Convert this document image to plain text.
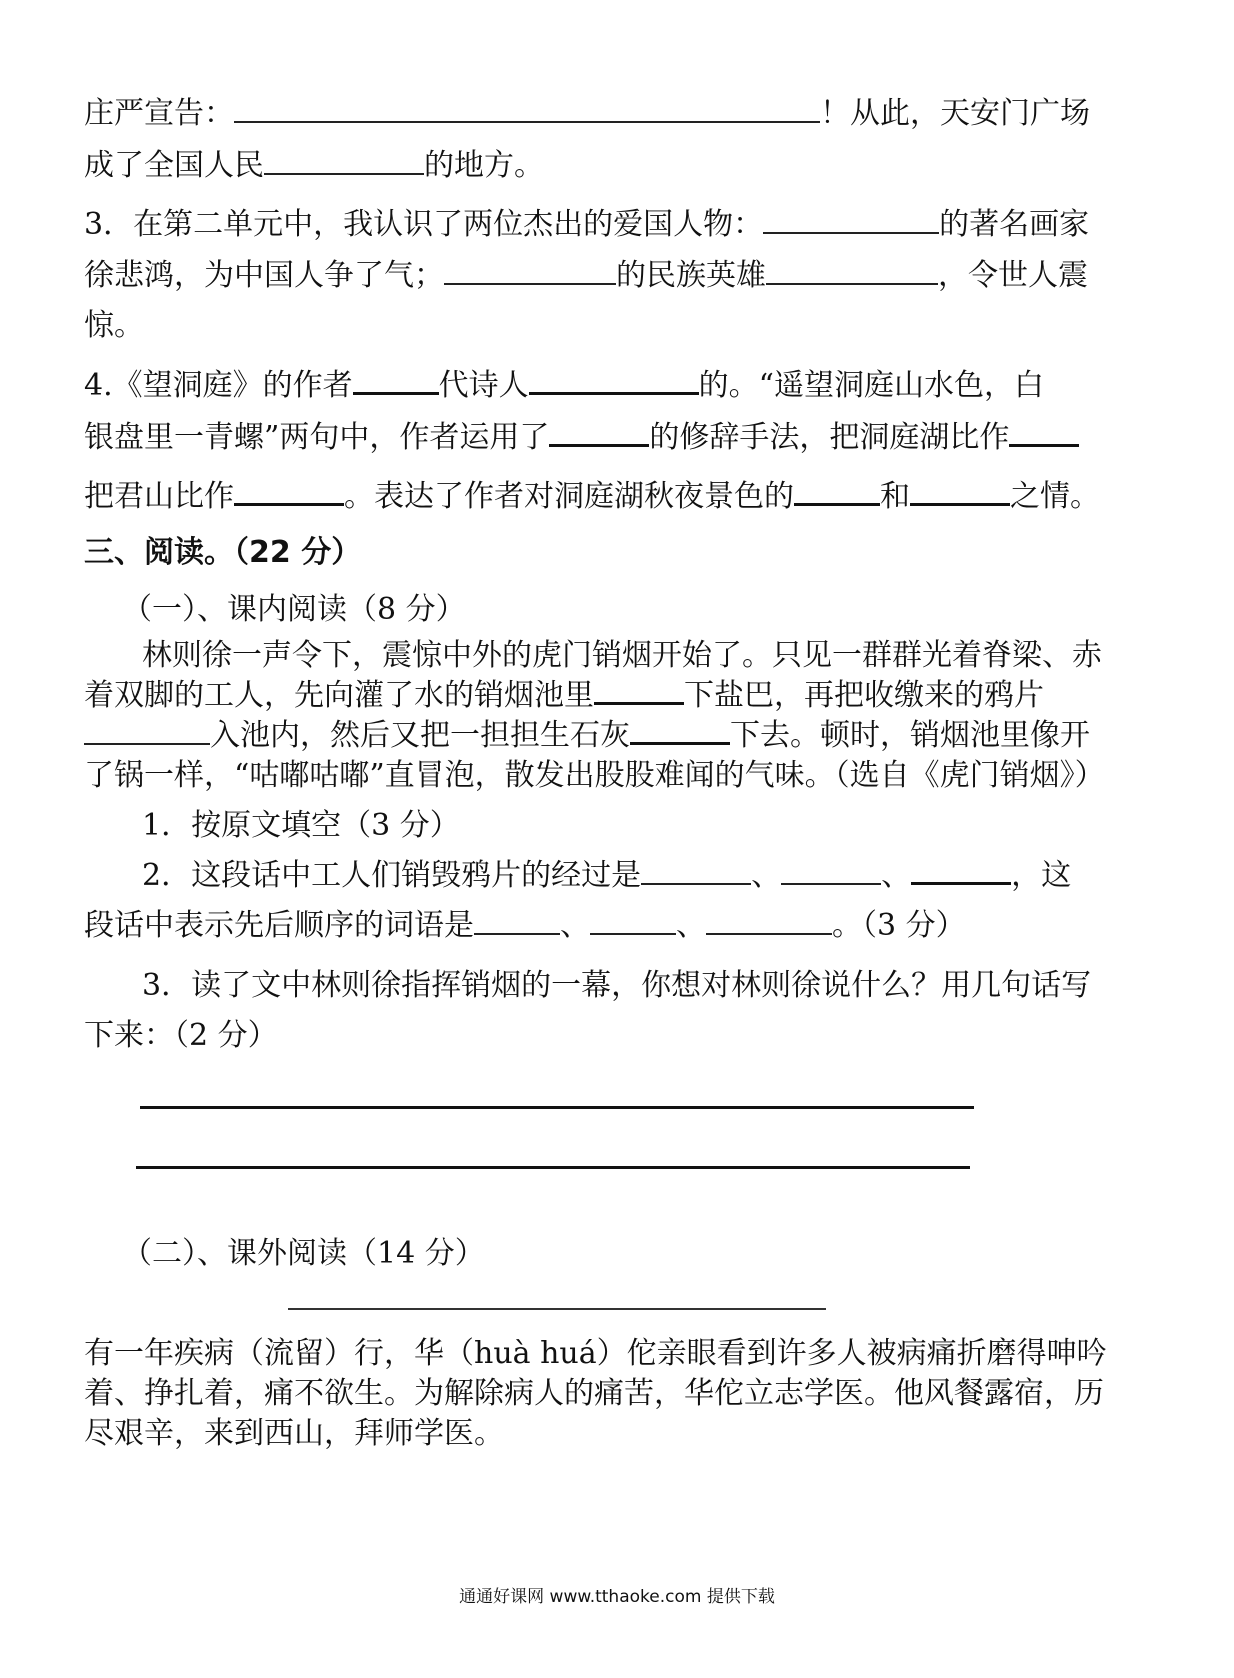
庄严宣告：	！从此，天安门广场
成了全国人民	的地方。
3．在第二单元中，我认识了两位杰出的爱国人物：	的著名画家
徐悲鸿，为中国人争了气；	的民族英雄	，令世人震
惊。
4.《望洞庭》的作者	代诗人	的。“遥望洞庭山水色，白
银盘里一青螺”两句中，作者运用了	的修辞手法，把洞庭湖比作
把君山比作	。表达了作者对洞庭湖秋夜景色的	和	之情。
三、阅读。（22 分）
（一）、课内阅读（8 分）
林则徐一声令下，震惊中外的虎门销烟开始了。只见一群群光着脊梁、赤
着双脚的工人，先向灌了水的销烟池里	下盐巴，再把收缴来的鸦片
入池内，然后又把一担担生石灰	下去。顿时，销烟池里像开
了锅一样，“咕嘟咕嘟”直冒泡，散发出股股难闻的气味。（选自《虎门销烟》）
1．按原文填空（3 分）
2．这段话中工人们销毁鸦片的经过是	、	、	，这
段话中表示先后顺序的词语是	、	、	。（3 分）
3．读了文中林则徐指挥销烟的一幕，你想对林则徐说什么？用几句话写
下来：（2 分）
（二）、课外阅读（14 分）
有一年疾病（流留）行，华（huà huá）佗亲眼看到许多人被病痛折磨得呻吟
着、挣扎着，痛不欲生。为解除病人的痛苦，华佗立志学医。他风餐露宿，历
尽艰辛，来到西山，拜师学医。
通通好课网 www.tthaoke.com 提供下载
